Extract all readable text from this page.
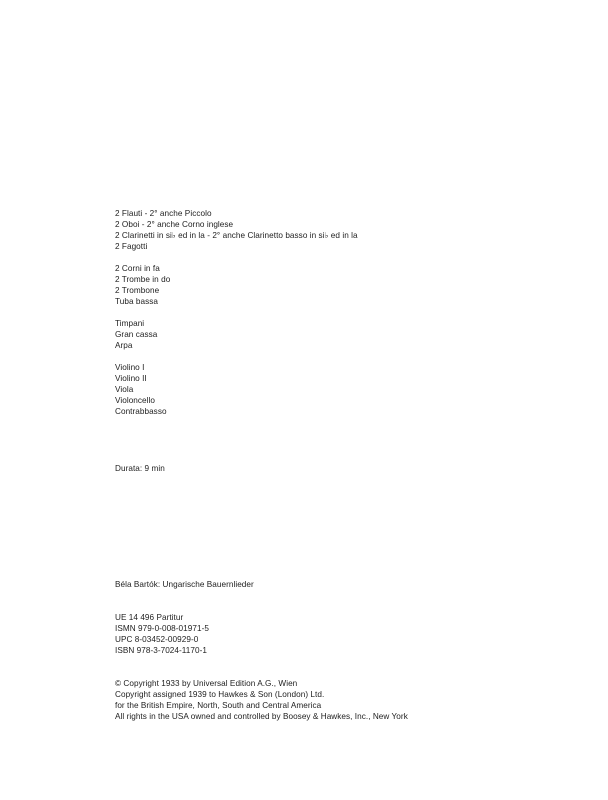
2 Flauti - 2° anche Piccolo
2 Oboi - 2° anche Corno inglese
2 Clarinetti in si♭ ed in la - 2° anche Clarinetto basso in si♭ ed in la
2 Fagotti
2 Corni in fa
2 Trombe in do
2 Trombone
Tuba bassa
Timpani
Gran cassa
Arpa
Violino I
Violino II
Viola
Violoncello
Contrabbasso
Durata: 9 min
Béla Bartók: Ungarische Bauernlieder
UE 14 496 Partitur
ISMN 979-0-008-01971-5
UPC 8-03452-00929-0
ISBN 978-3-7024-1170-1
© Copyright 1933 by Universal Edition A.G., Wien
Copyright assigned 1939 to Hawkes & Son (London) Ltd.
for the British Empire, North, South and Central America
All rights in the USA owned and controlled by Boosey & Hawkes, Inc., New York
